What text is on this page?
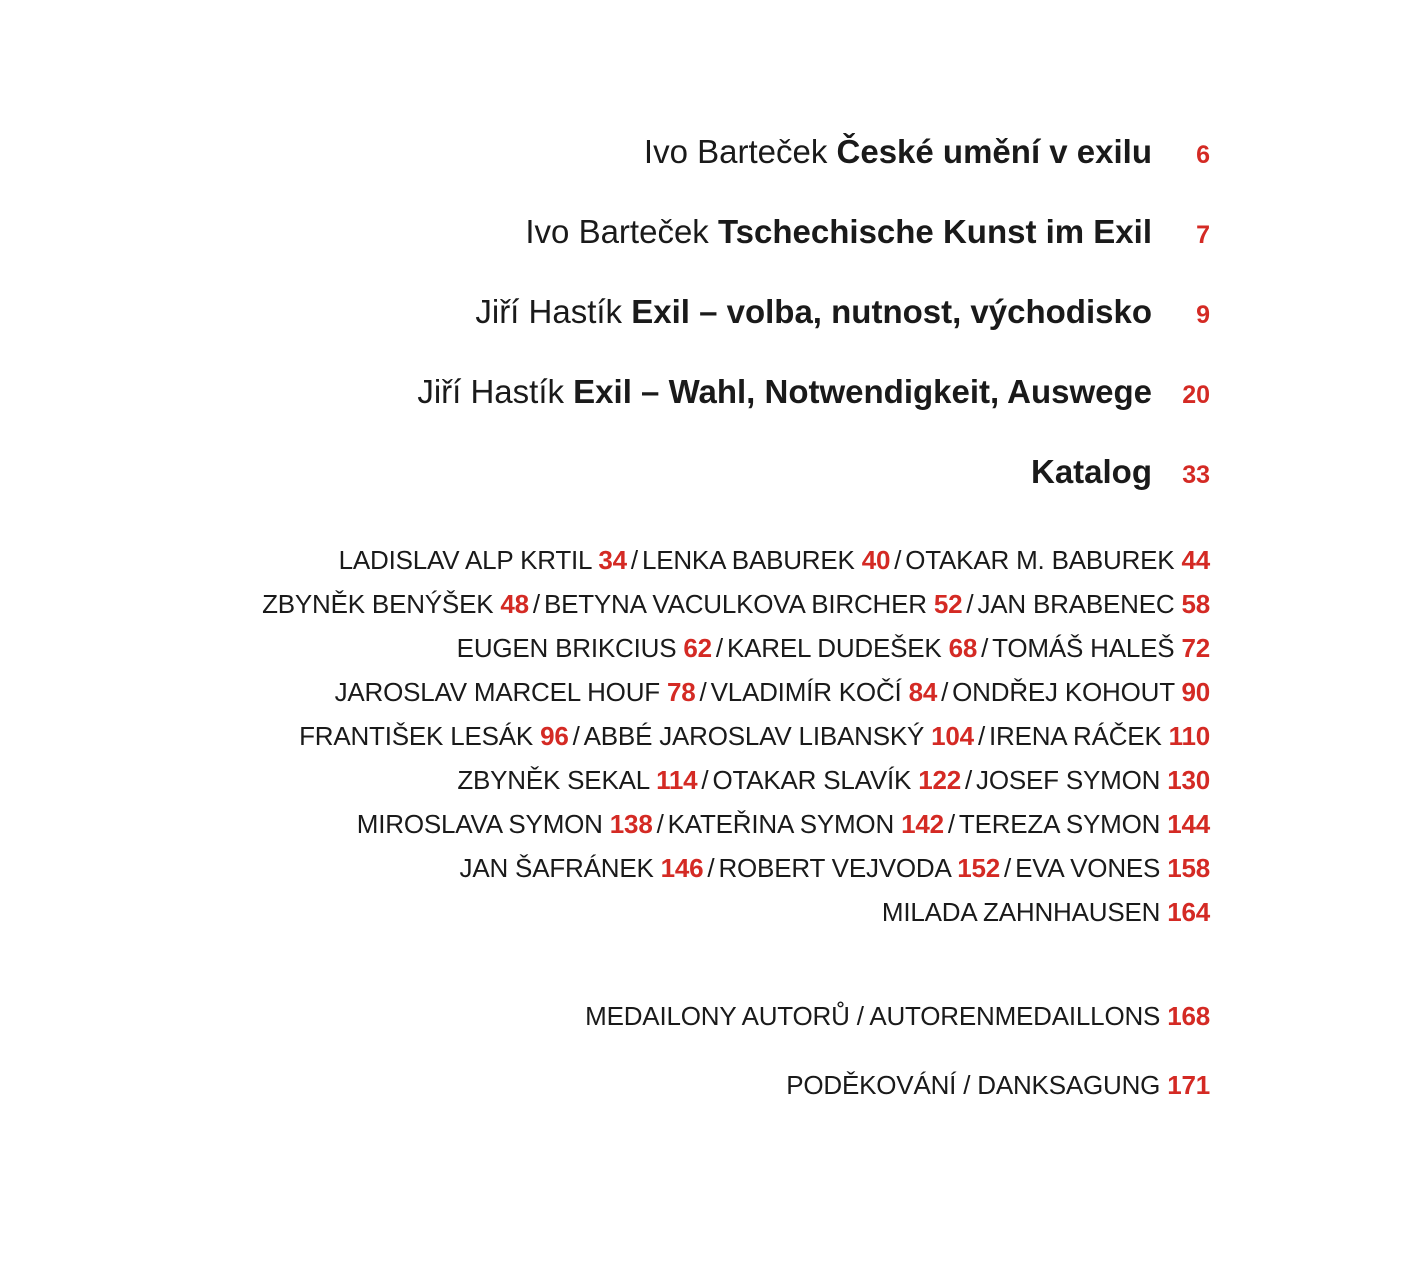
Ivo Barteček České umění v exilu	6
Ivo Barteček Tschechische Kunst im Exil	7
Jiří Hastík Exil – volba, nutnost, východisko	9
Jiří Hastík Exil – Wahl, Notwendigkeit, Auswege	20
Katalog	33
LADISLAV ALP KRTIL 34 / LENKA BABUREK 40 / OTAKAR M. BABUREK 44
ZBYNĚK BENÝŠEK 48 / BETYNA VACULKOVA BIRCHER 52 / JAN BRABENEC 58
EUGEN BRIKCIUS 62 / KAREL DUDEŠEK 68 / TOMÁŠ HALEŠ 72
JAROSLAV MARCEL HOUF 78 / VLADIMÍR KOČÍ 84 / ONDŘEJ KOHOUT 90
FRANTIŠEK LESÁK 96 / ABBÉ JAROSLAV LIBANSKÝ 104 / IRENA RÁČEK 110
ZBYNĚK SEKAL 114 / OTAKAR SLAVÍK 122 / JOSEF SYMON 130
MIROSLAVA SYMON 138 / KATEŘINA SYMON 142 / TEREZA SYMON 144
JAN ŠAFRÁNEK 146 / ROBERT VEJVODA 152 / EVA VONES 158
MILADA ZAHNHAUSEN 164
MEDAILONY AUTORŮ / AUTORENMEDAILLONS 168
PODĚKOVÁNÍ / DANKSAGUNG 171
